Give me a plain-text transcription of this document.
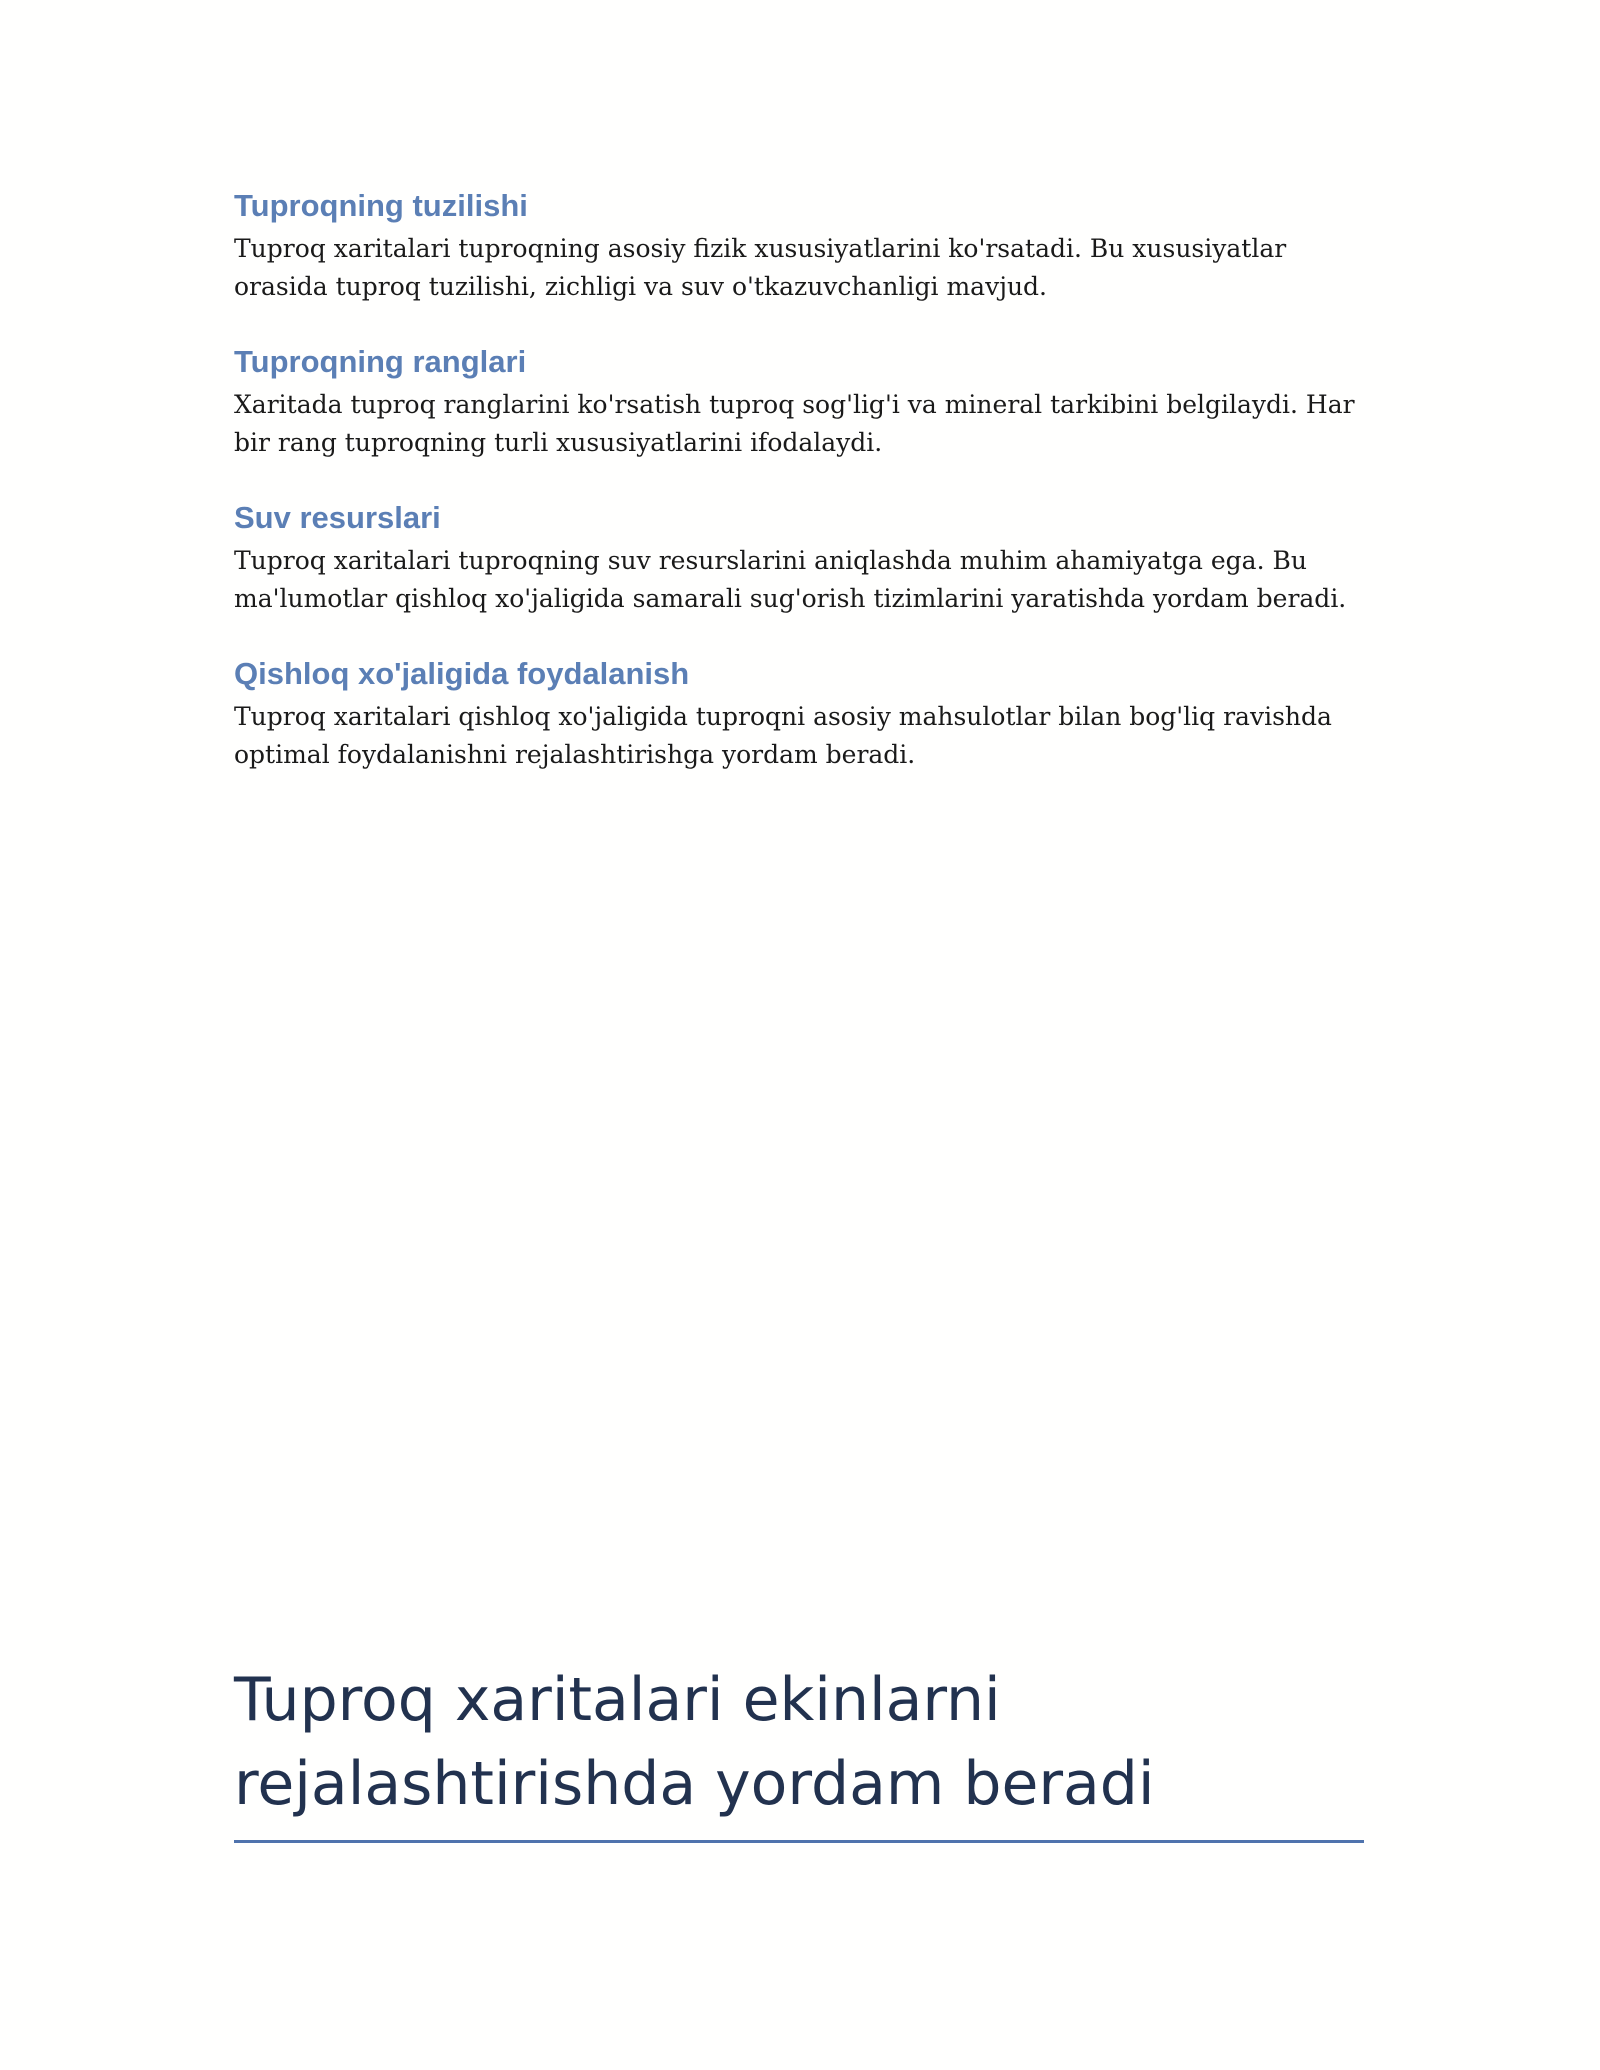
Tuproqning tuzilishi

Tuproq xaritalari tuproqning asosiy fizik xususiyatlarini ko'rsatadi. Bu xususiyatlar orasida tuproq tuzilishi, zichligi va suv o'tkazuvchanligi mavjud.

Tuproqning ranglari

Xaritada tuproq ranglarini ko'rsatish tuproq sog'lig'i va mineral tarkibini belgilaydi. Har bir rang tuproqning turli xususiyatlarini ifodalaydi.

Suv resurslari

Tuproq xaritalari tuproqning suv resurslarini aniqlashda muhim ahamiyatga ega. Bu ma'lumotlar qishloq xo'jaligida samarali sug'orish tizimlarini yaratishda yordam beradi.

Qishloq xo'jaligida foydalanish

Tuproq xaritalari qishloq xo'jaligida tuproqni asosiy mahsulotlar bilan bog'liq ravishda optimal foydalanishni rejalashtirishga yordam beradi.

Tuproq xaritalari ekinlarni
rejalashtirishda yordam beradi
